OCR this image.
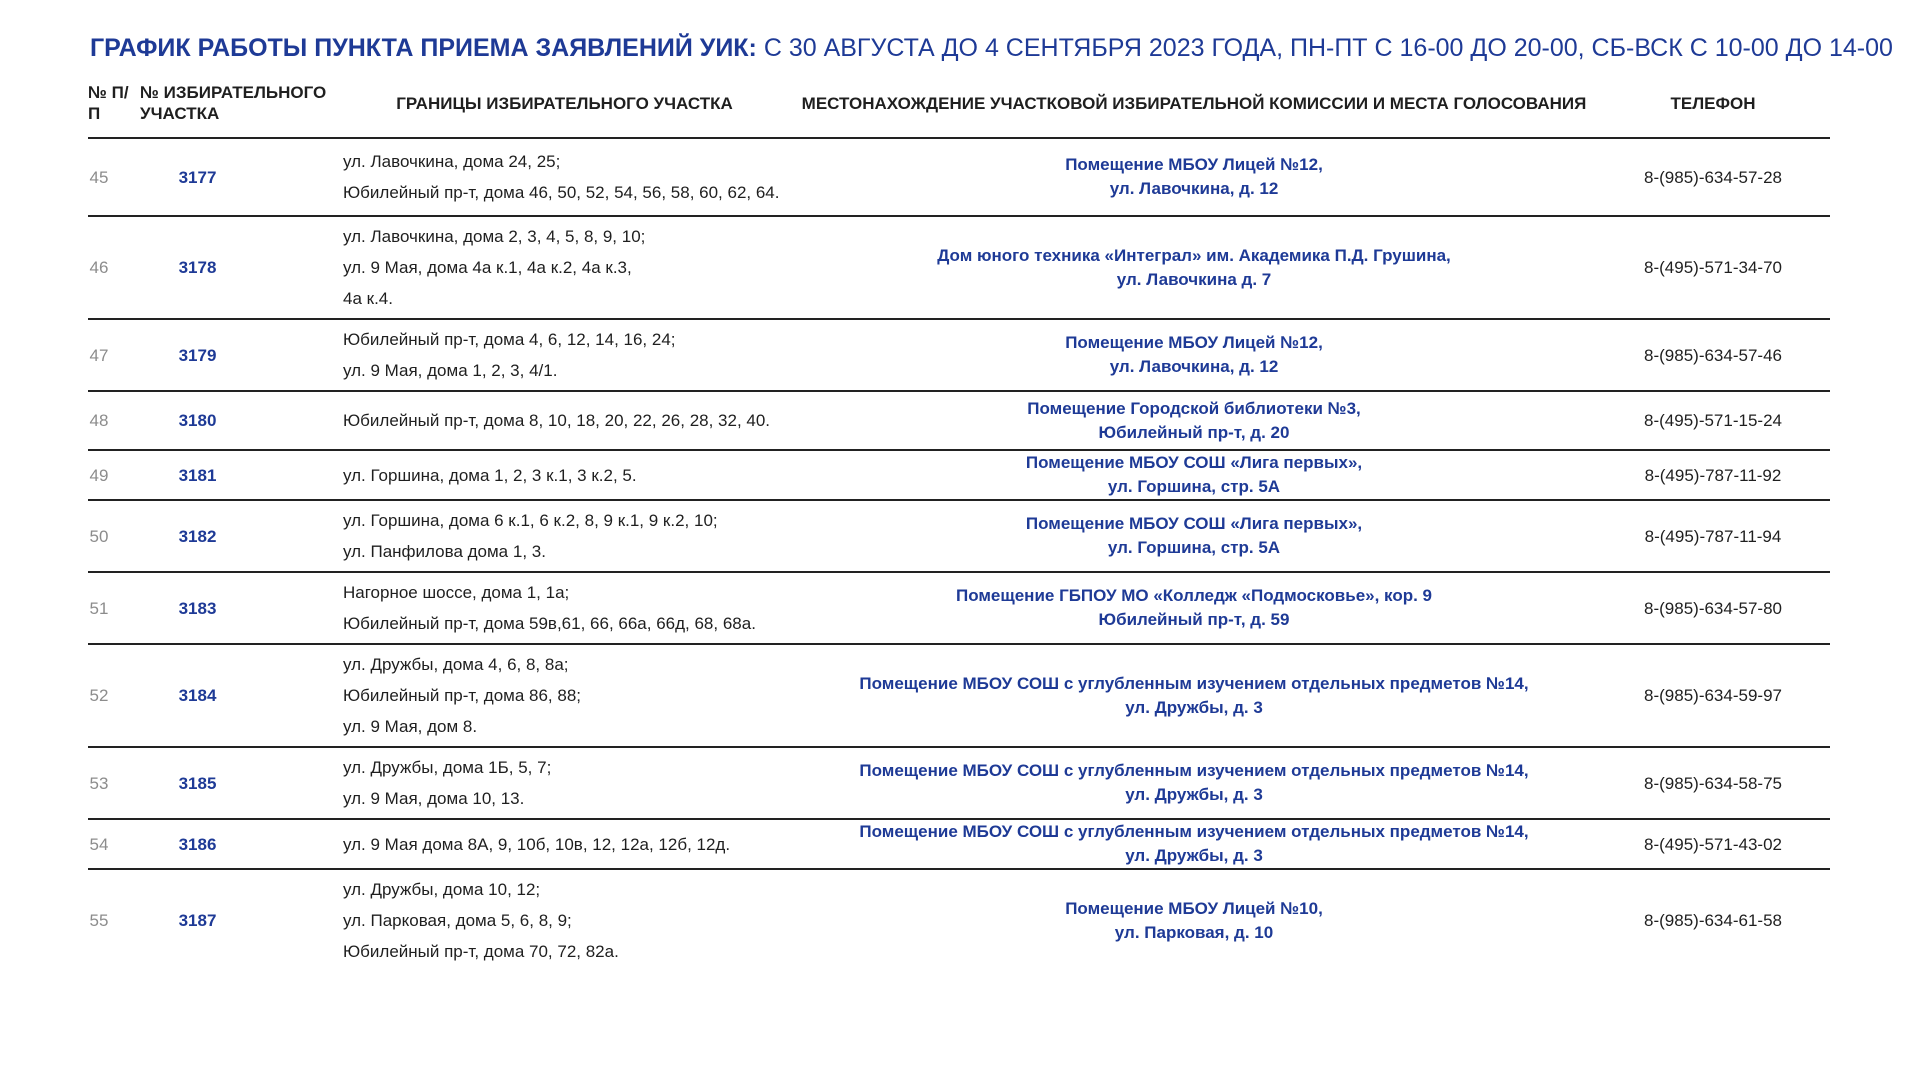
ГРАФИК РАБОТЫ ПУНКТА ПРИЕМА ЗАЯВЛЕНИЙ УИК: С 30 АВГУСТА ДО 4 СЕНТЯБРЯ 2023 ГОДА, ПН-ПТ С 16-00 ДО 20-00, СБ-ВСК С 10-00 ДО 14-00
№ П/П	№ ИЗБИРАТЕЛЬНОГО УЧАСТКА	ГРАНИЦЫ ИЗБИРАТЕЛЬНОГО УЧАСТКА	МЕСТОНАХОЖДЕНИЕ УЧАСТКОВОЙ ИЗБИРАТЕЛЬНОЙ КОМИССИИ И МЕСТА ГОЛОСОВАНИЯ	ТЕЛЕФОН
45	3177	ул. Лавочкина, дома 24, 25;
Юбилейный пр-т, дома 46, 50, 52, 54, 56, 58, 60, 62, 64.	Помещение МБОУ Лицей №12,
ул. Лавочкина, д. 12	8-(985)-634-57-28
46	3178	ул. Лавочкина, дома 2, 3, 4, 5, 8, 9, 10;
ул. 9 Мая, дома 4а к.1, 4а к.2, 4а к.3,
4а к.4.	Дом юного техника «Интеграл» им. Академика П.Д. Грушина,
ул. Лавочкина д. 7	8-(495)-571-34-70
47	3179	Юбилейный пр-т, дома 4, 6, 12, 14, 16, 24;
ул. 9 Мая, дома 1, 2, 3, 4/1.	Помещение МБОУ Лицей №12,
ул. Лавочкина, д. 12	8-(985)-634-57-46
48	3180	Юбилейный пр-т, дома 8, 10, 18, 20, 22, 26, 28, 32, 40.	Помещение Городской библиотеки №3,
Юбилейный пр-т, д. 20	8-(495)-571-15-24
49	3181	ул. Горшина, дома 1, 2, 3 к.1, 3 к.2, 5.	Помещение МБОУ СОШ «Лига первых»,
ул. Горшина, стр. 5А	8-(495)-787-11-92
50	3182	ул. Горшина, дома 6 к.1, 6 к.2, 8, 9 к.1, 9 к.2, 10;
ул. Панфилова дома 1, 3.	Помещение МБОУ СОШ «Лига первых»,
ул. Горшина, стр. 5А	8-(495)-787-11-94
51	3183	Нагорное шоссе, дома 1, 1а;
Юбилейный пр-т, дома 59в,61, 66, 66а, 66д, 68, 68а.	Помещение ГБПОУ МО «Колледж «Подмосковье», кор. 9
Юбилейный пр-т, д. 59	8-(985)-634-57-80
52	3184	ул. Дружбы, дома 4, 6, 8, 8а;
Юбилейный пр-т, дома 86, 88;
ул. 9 Мая, дом 8.	Помещение МБОУ СОШ с углубленным изучением отдельных предметов №14,
ул. Дружбы, д. 3	8-(985)-634-59-97
53	3185	ул. Дружбы, дома 1Б, 5, 7;
ул. 9 Мая, дома 10, 13.	Помещение МБОУ СОШ с углубленным изучением отдельных предметов №14,
ул. Дружбы, д. 3	8-(985)-634-58-75
54	3186	ул. 9 Мая дома 8А, 9, 10б, 10в, 12, 12а, 12б, 12д.	Помещение МБОУ СОШ с углубленным изучением отдельных предметов №14,
ул. Дружбы, д. 3	8-(495)-571-43-02
55	3187	ул. Дружбы, дома 10, 12;
ул. Парковая, дома 5, 6, 8, 9;
Юбилейный пр-т, дома 70, 72, 82а.	Помещение МБОУ Лицей №10,
ул. Парковая, д. 10	8-(985)-634-61-58
